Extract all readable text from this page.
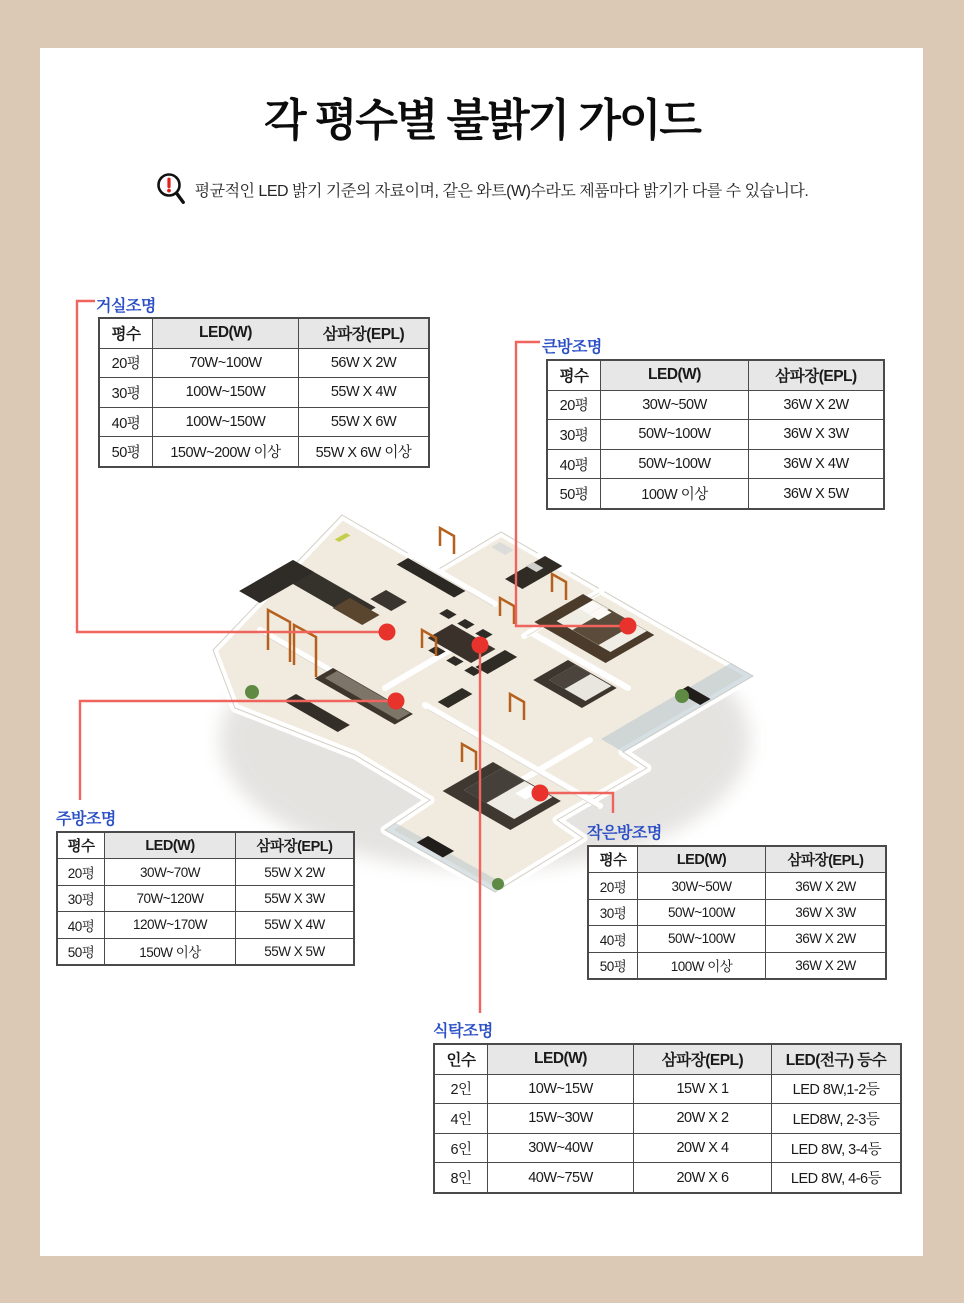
각 평수별 불밝기 가이드
평균적인 LED 밝기 기준의 자료이며, 같은 와트(W)수라도 제품마다 밝기가 다를 수 있습니다.
거실조명
큰방조명
주방조명
작은방조명
식탁조명
평수	LED(W)	삼파장(EPL)
20평	70W~100W	56W X 2W
30평	100W~150W	55W X 4W
40평	100W~150W	55W X 6W
50평	150W~200W 이상	55W X 6W 이상
평수	LED(W)	삼파장(EPL)
20평	30W~50W	36W X 2W
30평	50W~100W	36W X 3W
40평	50W~100W	36W X 4W
50평	100W 이상	36W X 5W
평수	LED(W)	삼파장(EPL)
20평	30W~70W	55W X 2W
30평	70W~120W	55W X 3W
40평	120W~170W	55W X 4W
50평	150W 이상	55W X 5W
평수	LED(W)	삼파장(EPL)
20평	30W~50W	36W X 2W
30평	50W~100W	36W X 3W
40평	50W~100W	36W X 2W
50평	100W 이상	36W X 2W
인수	LED(W)	삼파장(EPL)	LED(전구) 등수
2인	10W~15W	15W X 1	LED 8W,1-2등
4인	15W~30W	20W X 2	LED8W, 2-3등
6인	30W~40W	20W X 4	LED 8W, 3-4등
8인	40W~75W	20W X 6	LED 8W, 4-6등
